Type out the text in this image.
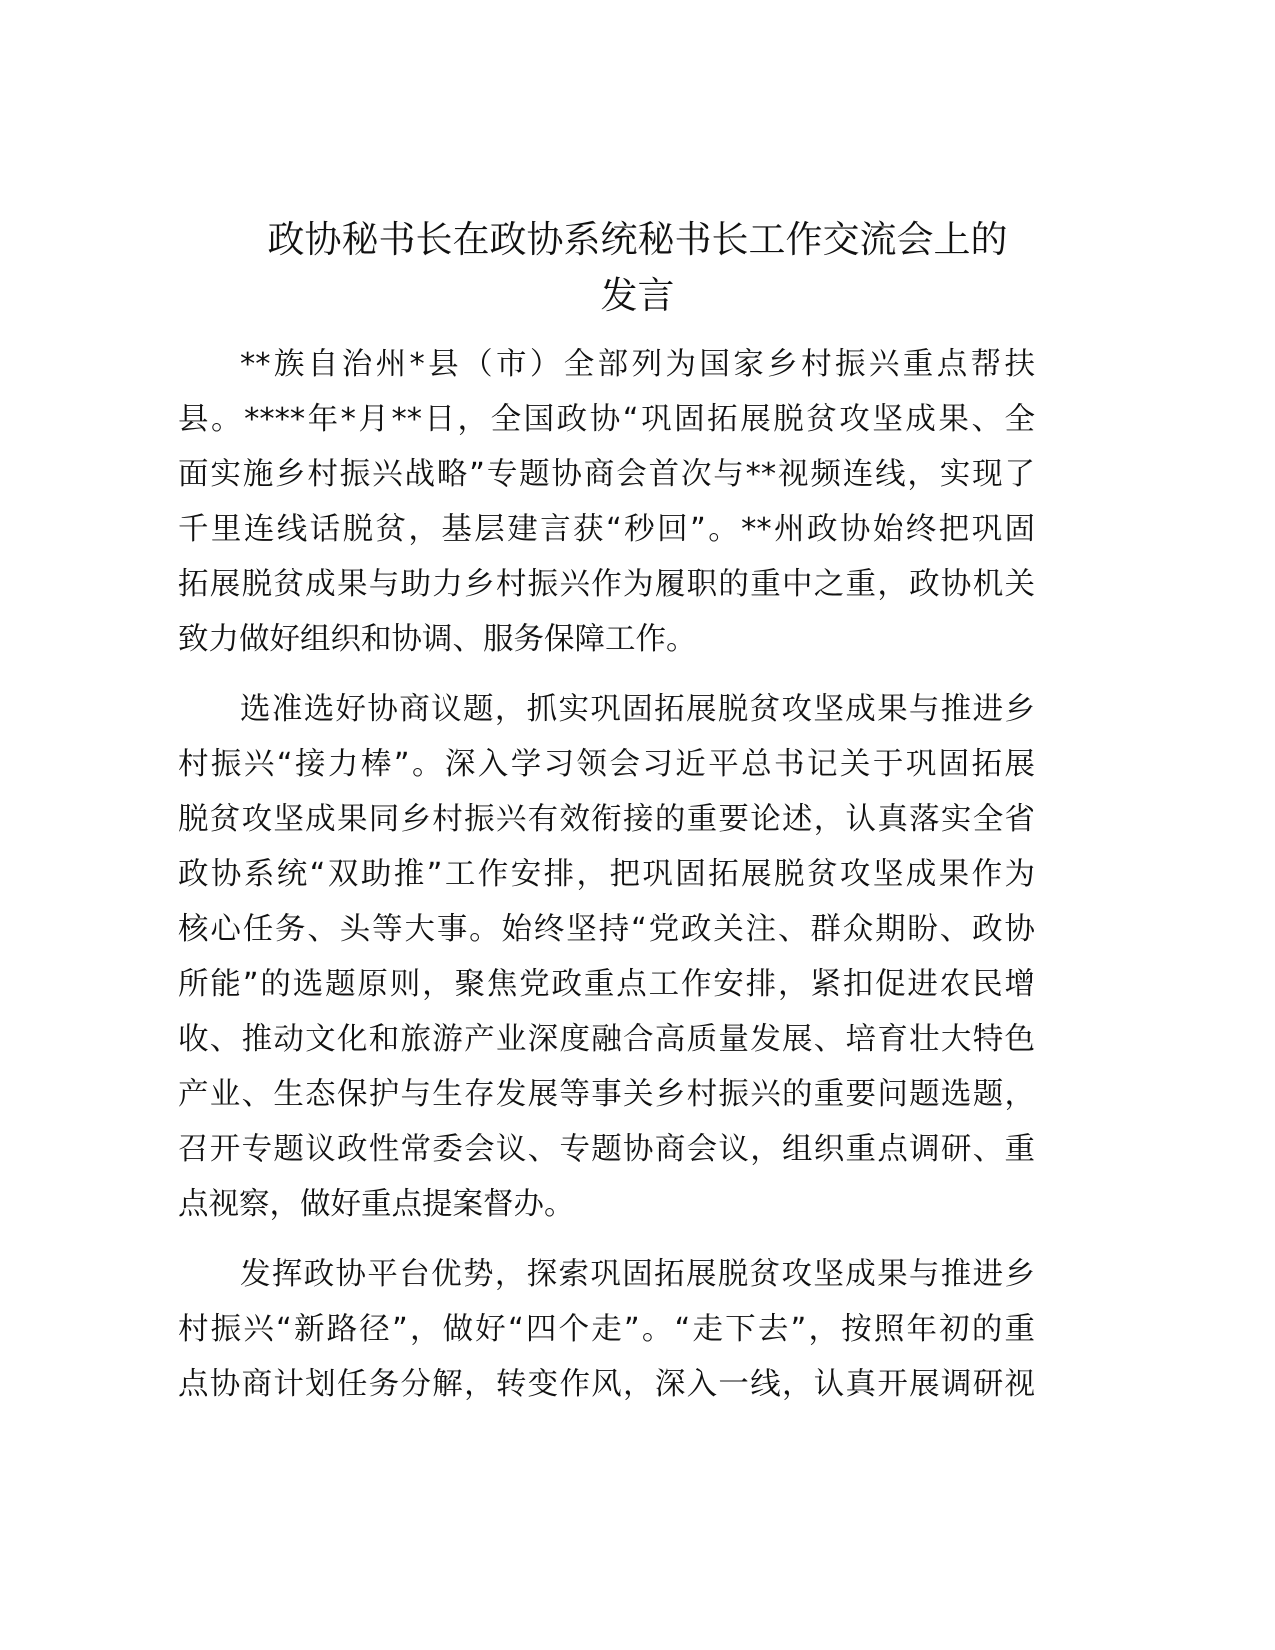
政协秘书长在政协系统秘书长工作交流会上的
发言
**族自治州*县（市）全部列为国家乡村振兴重点帮扶
县。****年*月**日，全国政协“巩固拓展脱贫攻坚成果、全
面实施乡村振兴战略”专题协商会首次与**视频连线，实现了
千里连线话脱贫，基层建言获“秒回”。**州政协始终把巩固
拓展脱贫成果与助力乡村振兴作为履职的重中之重，政协机关
致力做好组织和协调、服务保障工作。
选准选好协商议题，抓实巩固拓展脱贫攻坚成果与推进乡
村振兴“接力棒”。深入学习领会习近平总书记关于巩固拓展
脱贫攻坚成果同乡村振兴有效衔接的重要论述，认真落实全省
政协系统“双助推”工作安排，把巩固拓展脱贫攻坚成果作为
核心任务、头等大事。始终坚持“党政关注、群众期盼、政协
所能”的选题原则，聚焦党政重点工作安排，紧扣促进农民增
收、推动文化和旅游产业深度融合高质量发展、培育壮大特色
产业、生态保护与生存发展等事关乡村振兴的重要问题选题，
召开专题议政性常委会议、专题协商会议，组织重点调研、重
点视察，做好重点提案督办。
发挥政协平台优势，探索巩固拓展脱贫攻坚成果与推进乡
村振兴“新路径”，做好“四个走”。“走下去”，按照年初的重
点协商计划任务分解，转变作风，深入一线，认真开展调研视
